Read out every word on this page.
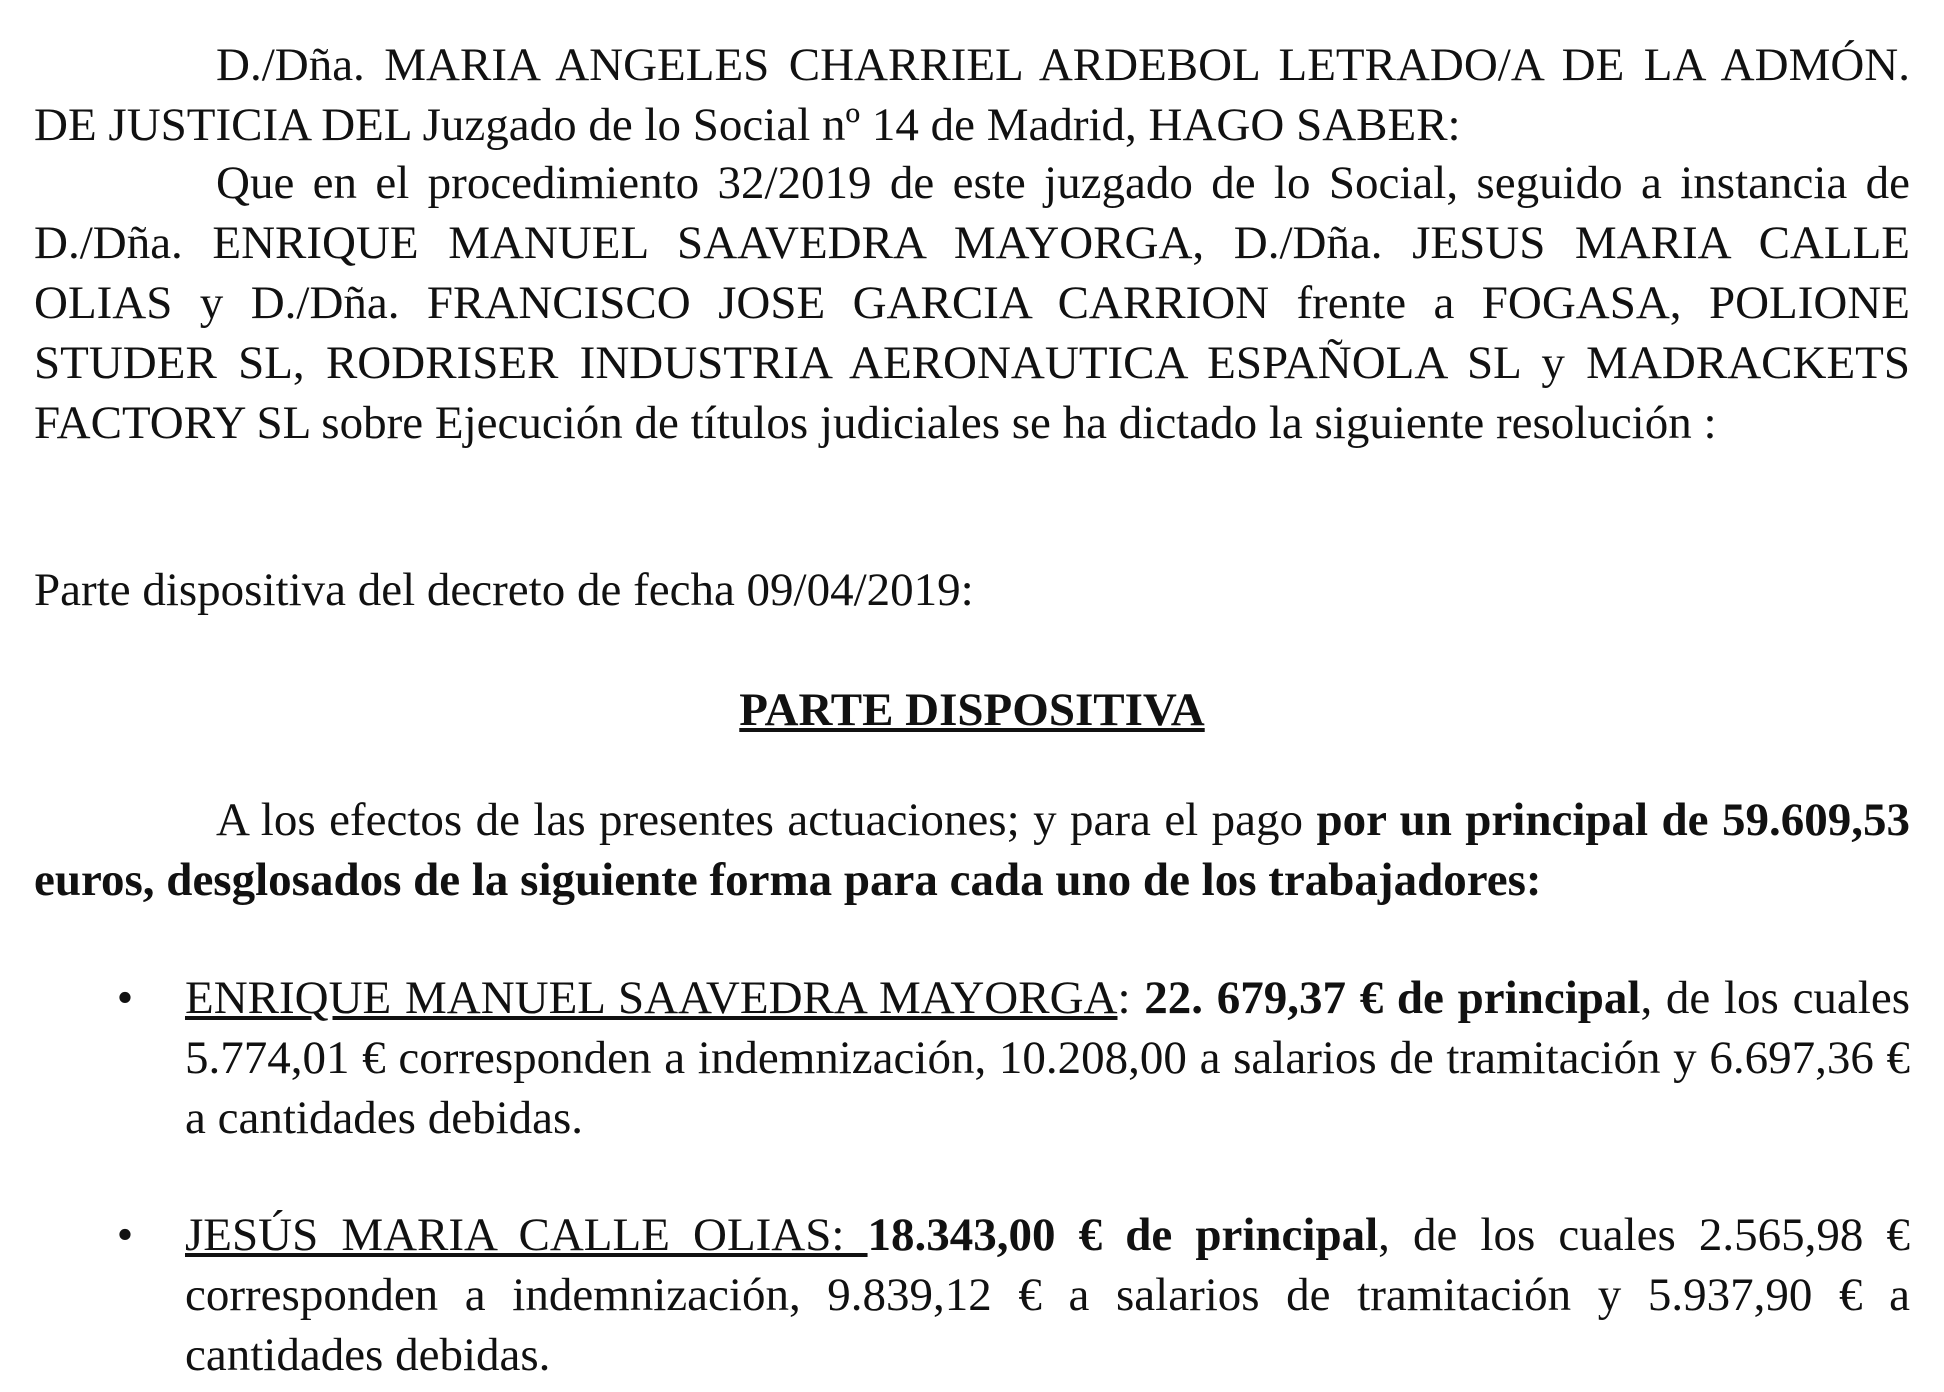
D./Dña. MARIA ANGELES CHARRIEL ARDEBOL LETRADO/A DE LA ADMÓN. DE JUSTICIA DEL Juzgado de lo Social nº 14 de Madrid, HAGO SABER:

Que en el procedimiento 32/2019 de este juzgado de lo Social, seguido a instancia de D./Dña. ENRIQUE MANUEL SAAVEDRA MAYORGA, D./Dña. JESUS MARIA CALLE OLIAS y D./Dña. FRANCISCO JOSE GARCIA CARRION frente a FOGASA, POLIONE STUDER SL, RODRISER INDUSTRIA AERONAUTICA ESPAÑOLA SL y MADRACKETS FACTORY SL sobre Ejecución de títulos judiciales se ha dictado la siguiente resolución :

Parte dispositiva del decreto de fecha 09/04/2019:

PARTE DISPOSITIVA

A los efectos de las presentes actuaciones; y para el pago por un principal de 59.609,53 euros, desglosados de la siguiente forma para cada uno de los trabajadores:

• ENRIQUE MANUEL SAAVEDRA MAYORGA: 22. 679,37 € de principal, de los cuales 5.774,01 € corresponden a indemnización, 10.208,00 a salarios de tramitación y 6.697,36 € a cantidades debidas.

• JESÚS MARIA CALLE OLIAS: 18.343,00 € de principal, de los cuales 2.565,98 € corresponden a indemnización, 9.839,12 € a salarios de tramitación y 5.937,90 € a cantidades debidas.
